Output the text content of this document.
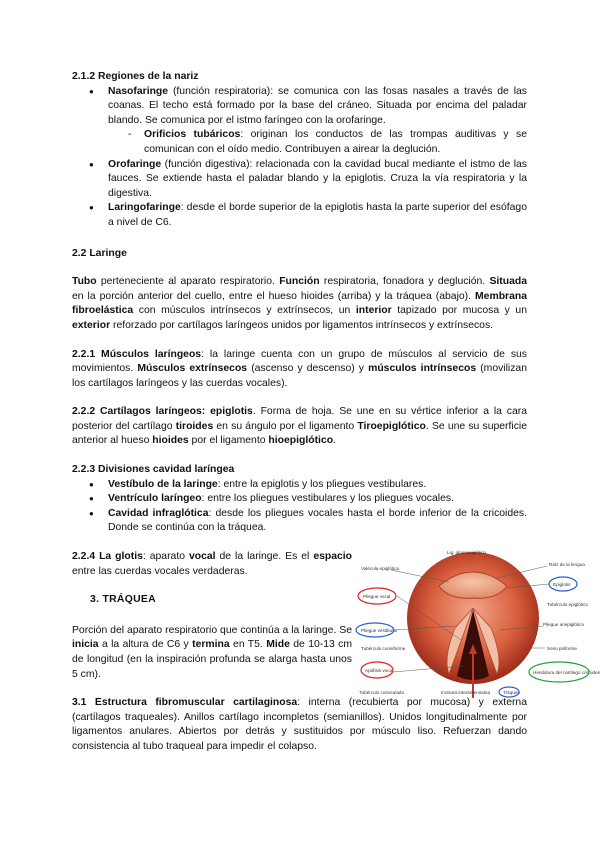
2.1.2 Regiones de la nariz

● Nasofaringe (función respiratoria): se comunica con las fosas nasales a través de las coanas. El techo está formado por la base del cráneo. Situada por encima del paladar blando. Se comunica por el istmo faríngeo con la orofaringe.
- Orificios tubáricos: originan los conductos de las trompas auditivas y se comunican con el oído medio. Contribuyen a airear la deglución.
● Orofaringe (función digestiva): relacionada con la cavidad bucal mediante el istmo de las fauces. Se extiende hasta el paladar blando y la epiglotis. Cruza la vía respiratoria y la digestiva.
● Laringofaringe: desde el borde superior de la epiglotis hasta la parte superior del esófago a nivel de C6.

2.2 Laringe

Tubo perteneciente al aparato respiratorio. Función respiratoria, fonadora y deglución. Situada en la porción anterior del cuello, entre el hueso hioides (arriba) y la tráquea (abajo). Membrana fibroelástica con músculos intrínsecos y extrínsecos, un interior tapizado por mucosa y un exterior reforzado por cartílagos laríngeos unidos por ligamentos intrínsecos y extrínsecos.

2.2.1 Músculos laríngeos: la laringe cuenta con un grupo de músculos al servicio de sus movimientos. Músculos extrínsecos (ascenso y descenso) y músculos intrínsecos (movilizan los cartílagos laríngeos y las cuerdas vocales).

2.2.2 Cartílagos laríngeos: epiglotis. Forma de hoja. Se une en su vértice inferior a la cara posterior del cartílago tiroides en su ángulo por el ligamento Tiroepiglótico. Se une su superficie anterior al hueso hioides por el ligamento hioepiglótico.

2.2.3 Divisiones cavidad laríngea

● Vestíbulo de la laringe: entre la epiglotis y los pliegues vestibulares.
● Ventrículo laríngeo: entre los pliegues vestibulares y los pliegues vocales.
● Cavidad infraglótica: desde los pliegues vocales hasta el borde inferior de la cricoides. Donde se continúa con la tráquea.

2.2.4 La glotis: aparato vocal de la laringe. Es el espacio entre las cuerdas vocales verdaderas.

3. TRÁQUEA

Porción del aparato respiratorio que continúa a la laringe. Se inicia a la altura de C6 y termina en T5. Mide de 10-13 cm de longitud (en la inspiración profunda se alarga hasta unos 5 cm).

3.1 Estructura fibromuscular cartilaginosa: interna (recubierta por mucosa) y externa (cartílagos traqueales). Anillos cartílago incompletos (semianillos). Unidos longitudinalmente por ligamentos anulares. Abiertos por detrás y sustituidos por músculo liso. Refuerzan dando consistencia al tubo traqueal para impedir el colapso.

Lig. glosoepiglótico
Valécula epiglótica
Pliegue vocal
Pliegue vestibular
Tubérculo cuneiforme
Apófisis vocal
Tubérculo corniculado
Raíz de la lengua
Epiglotis
Tubérculo epiglótico
Pliegue ariepiglótico
Seno piriforme
Hendidura del cartílago cricoides
Incisura interaritenoidea	Tráquea
